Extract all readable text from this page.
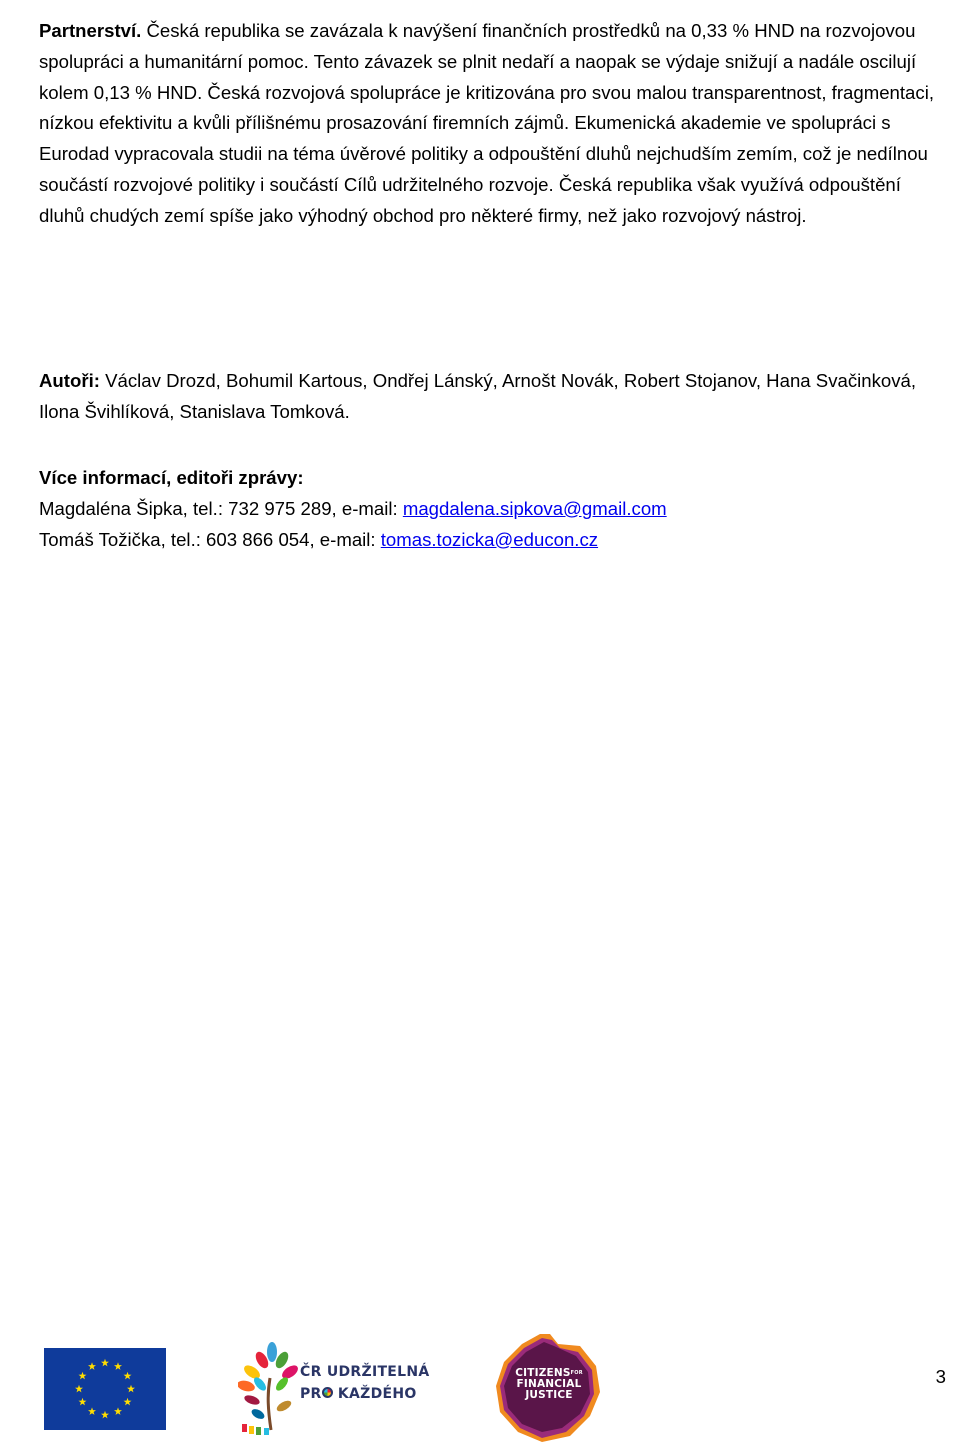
Partnerství. Česká republika se zavázala k navýšení finančních prostředků na 0,33 % HND na rozvojovou spolupráci a humanitární pomoc. Tento závazek se plnit nedaří a naopak se výdaje snižují a nadále oscilují kolem 0,13 % HND. Česká rozvojová spolupráce je kritizována pro svou malou transparentnost, fragmentaci, nízkou efektivitu a kvůli přílišnému prosazování firemních zájmů. Ekumenická akademie ve spolupráci s Eurodad vypracovala studii na téma úvěrové politiky a odpouštění dluhů nejchudším zemím, což je nedílnou součástí rozvojové politiky i součástí Cílů udržitelného rozvoje. Česká republika však využívá odpouštění dluhů chudých zemí spíše jako výhodný obchod pro některé firmy, než jako rozvojový nástroj.
Autoři: Václav Drozd, Bohumil Kartous, Ondřej Lánský, Arnošt Novák, Robert Stojanov, Hana Svačinková, Ilona Švihlíková, Stanislava Tomková.
Více informací, editoři zprávy:
Magdaléna Šipka, tel.: 732 975 289, e-mail: magdalena.sipkova@gmail.com
Tomáš Tožička, tel.: 603 866 054, e-mail: tomas.tozicka@educon.cz
ČR UDRŽITELNÁ
PR KAŽDÉHO
$CITIZENS^{FOR}$
FINANCIAL
JUSTICE
3
